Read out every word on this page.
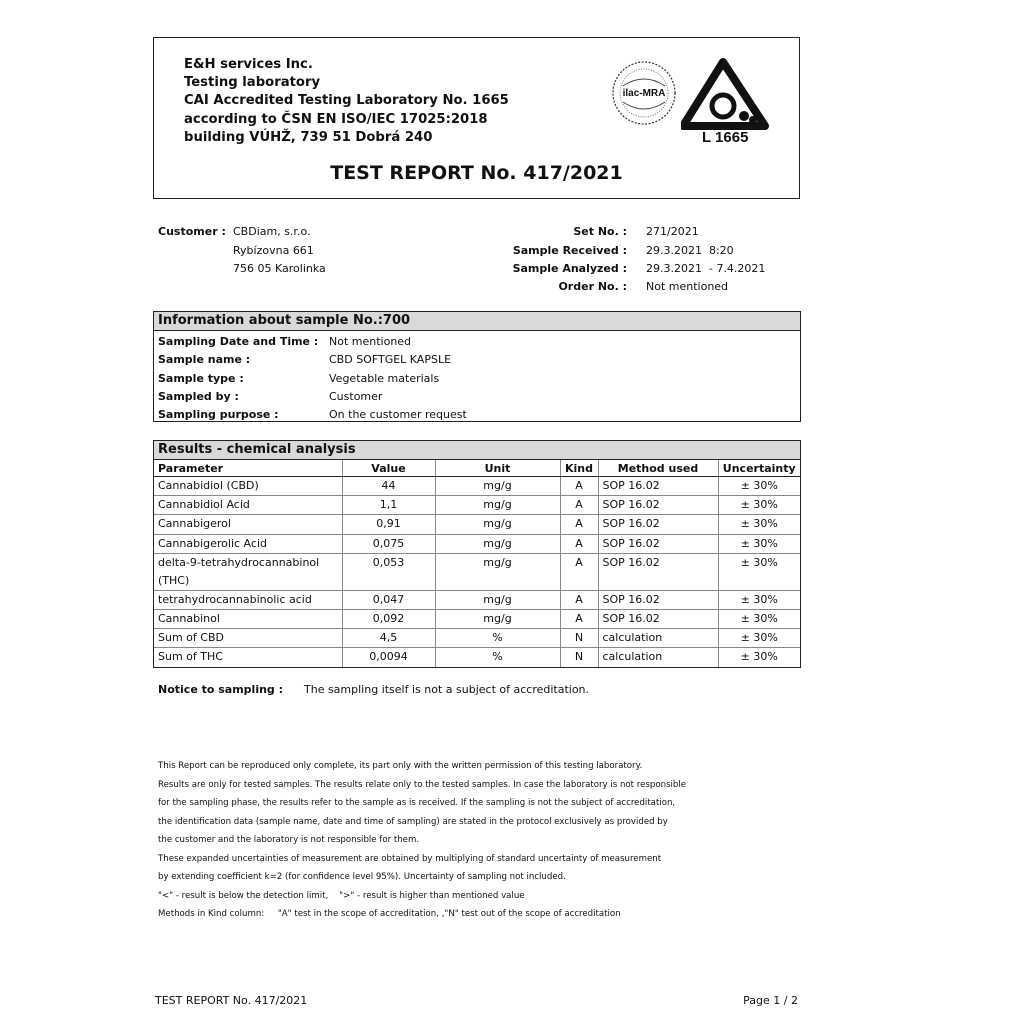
E&H services Inc.
Testing laboratory
CAI Accredited Testing Laboratory No. 1665
according to ČSN EN ISO/IEC 17025:2018
building VÚHŽ, 739 51 Dobrá 240
ilac-MRA
L 1665
TEST REPORT No. 417/2021
Customer : CBDiam, s.r.o.
Rybízovna 661
756 05 Karolinka
Set No. : 271/2021
Sample Received : 29.3.2021  8:20
Sample Analyzed : 29.3.2021  - 7.4.2021
Order No. : Not mentioned
Information about sample No.:700
Sampling Date and Time : Not mentioned
Sample name :	CBD SOFTGEL KAPSLE
Sample type :	Vegetable materials
Sampled by :	Customer
Sampling purpose :	On the customer request
Results - chemical analysis
Parameter	Value	Unit	Kind	Method used	Uncertainty
Cannabidiol (CBD)	44	mg/g	A	SOP 16.02	± 30%
Cannabidiol Acid	1,1	mg/g	A	SOP 16.02	± 30%
Cannabigerol	0,91	mg/g	A	SOP 16.02	± 30%
Cannabigerolic Acid	0,075	mg/g	A	SOP 16.02	± 30%

delta-9-tetrahydrocannabinol
(THC)	0,053	mg/g	A	SOP 16.02	± 30%
tetrahydrocannabinolic acid	0,047	mg/g	A	SOP 16.02	± 30%
Cannabinol	0,092	mg/g	A	SOP 16.02	± 30%
Sum of CBD	4,5	%	N	calculation	± 30%
Sum of THC	0,0094	%	N	calculation	± 30%
Notice to sampling : The sampling itself is not a subject of accreditation.
This Report can be reproduced only complete, its part only with the written permission of this testing laboratory.
Results are only for tested samples. The results relate only to the tested samples. In case the laboratory is not responsible
for the sampling phase, the results refer to the sample as is received. If the sampling is not the subject of accreditation,
the identification data (sample name, date and time of sampling) are stated in the protocol exclusively as provided by
the customer and the laboratory is not responsible for them.
These expanded uncertainties of measurement are obtained by multiplying of standard uncertainty of measurement
by extending coefficient k=2 (for confidence level 95%). Uncertainty of sampling not included.
"<" - result is below the detection limit,    ">" - result is higher than mentioned value
Methods in Kind column:     "A" test in the scope of accreditation, ,"N" test out of the scope of accreditation
TEST REPORT No. 417/2021	Page 1 / 2
